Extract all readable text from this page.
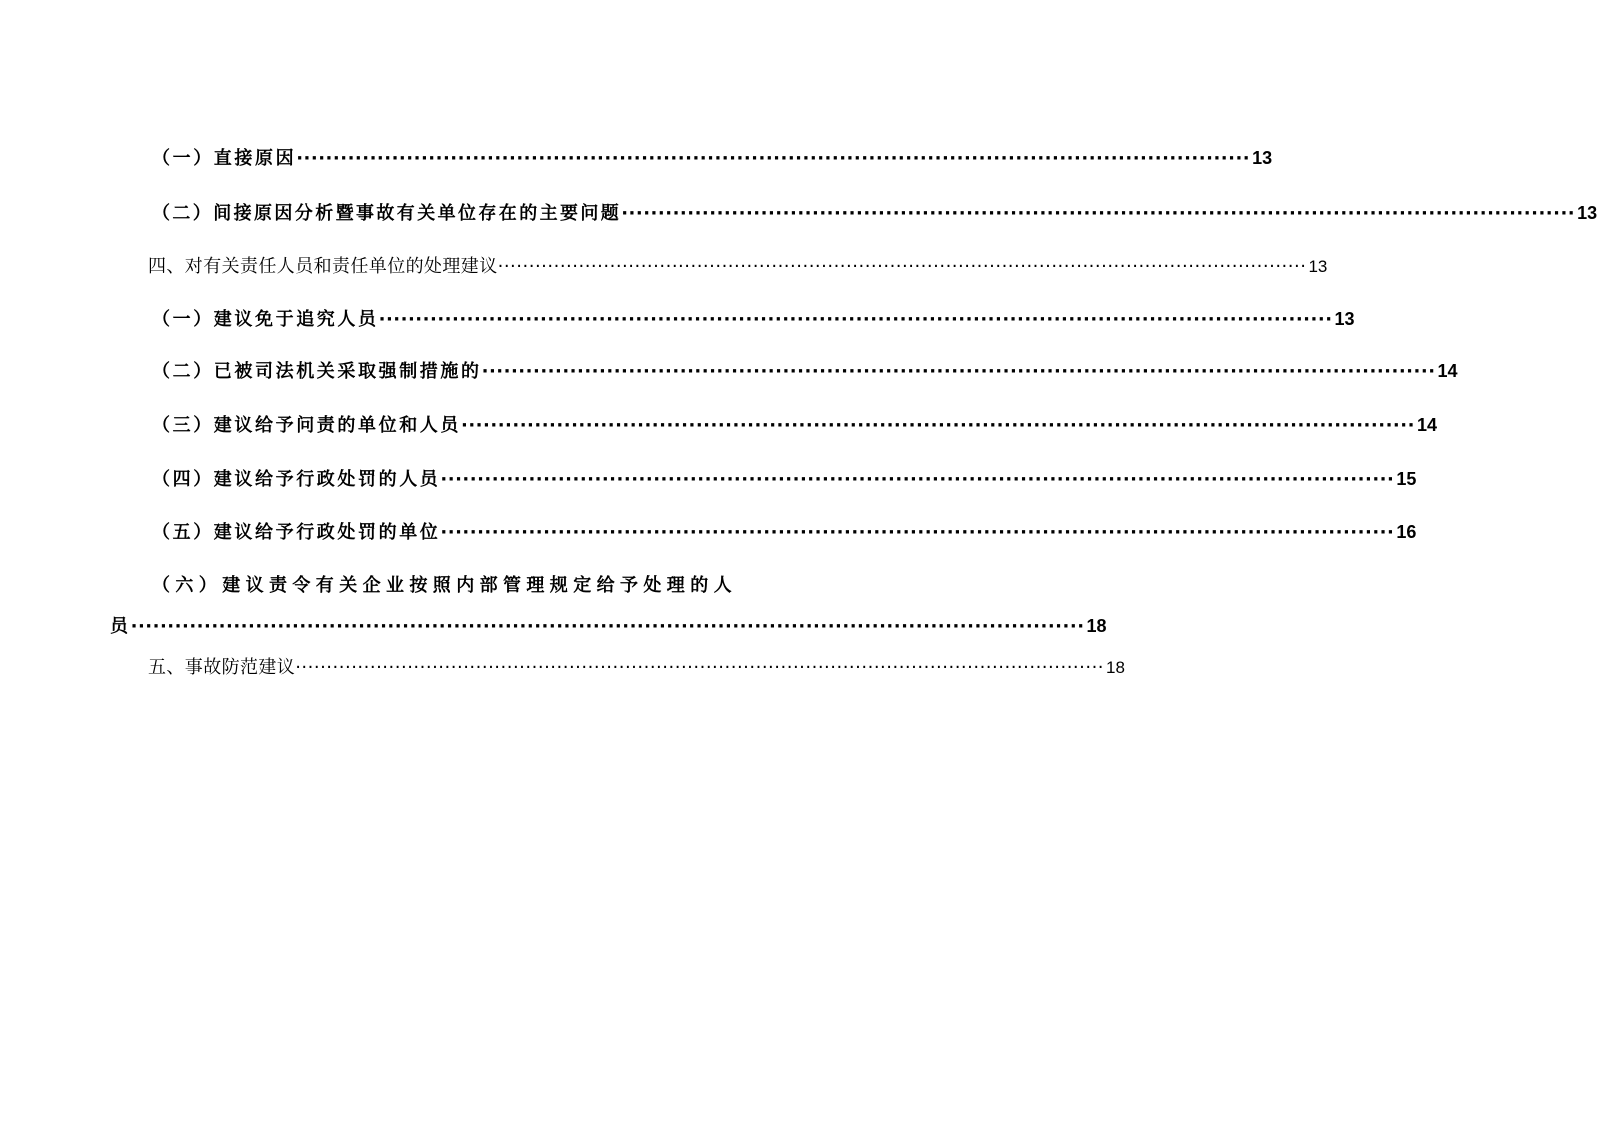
（一）直接原因 ·································································································································· 13
（二）间接原因分析暨事故有关单位存在的主要问题 ·································································································································· 13
四、对有关责任人员和责任单位的处理建议 ·································································································································· 13
（一）建议免于追究人员 ·································································································································· 13
（二）已被司法机关采取强制措施的 ·································································································································· 14
（三）建议给予问责的单位和人员 ·································································································································· 14
（四）建议给予行政处罚的人员 ·································································································································· 15
（五）建议给予行政处罚的单位 ·································································································································· 16
（六）建议责令有关企业按照内部管理规定给予处理的人
员 ·································································································································· 18
五、事故防范建议 ·································································································································· 18
